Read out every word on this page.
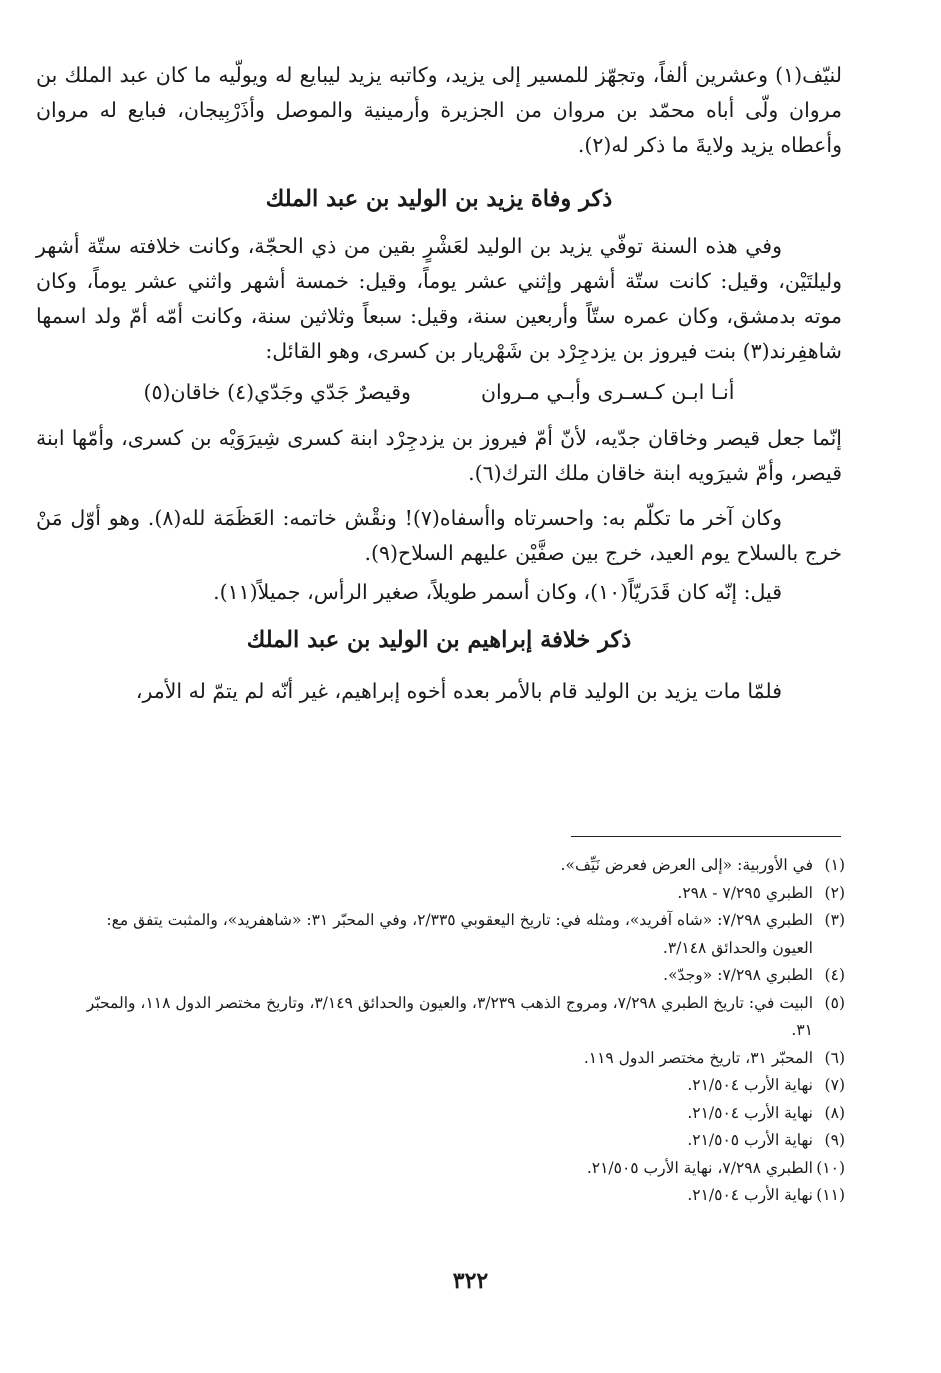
لنيّف(١) وعشرين ألفاً، وتجهّز للمسير إلى يزيد، وكاتبه يزيد ليبايع له ويولّيه ما كان عبد الملك بن مروان ولّى أباه محمّد بن مروان من الجزيرة وأرمينية والموصل وأذَرْبِيجان، فبايع له مروان وأعطاه يزيد ولايةَ ما ذكر له(٢).

ذكر وفاة يزيد بن الوليد بن عبد الملك

وفي هذه السنة توفّي يزيد بن الوليد لعَشْرٍ بقين من ذي الحجّة، وكانت خلافته ستّة أشهر وليلتَيْن، وقيل: كانت ستّة أشهر وإثني عشر يوماً، وقيل: خمسة أشهر واثني عشر يوماً، وكان موته بدمشق، وكان عمره ستّاً وأربعين سنة، وقيل: سبعاً وثلاثين سنة، وكانت أمّه أمّ ولد اسمها شاهفِرند(٣) بنت فيروز بن يزدجِرْد بن شَهْريار بن كسرى، وهو القائل:

أنـا ابـن كـسـرى وأبـي مـروان
وقيصرٌ جَدّي وجَدّي(٤) خاقان(٥)

إنّما جعل قيصر وخاقان جدّيه، لأنّ أمّ فيروز بن يزدجِرْد ابنة كسرى شِيرَوَيْه بن كسرى، وأمّها ابنة قيصر، وأمّ شيرَويه ابنة خاقان ملك الترك(٦).

وكان آخر ما تكلّم به: واحسرتاه واأسفاه(٧)! ونقْش خاتمه: العَظَمَة لله(٨). وهو أوّل مَنْ خرج بالسلاح يوم العيد، خرج بين صفَّيْن عليهم السلاح(٩).

قيل: إنّه كان قَدَريّاً(١٠)، وكان أسمر طويلاً، صغير الرأس، جميلاً(١١).

ذكر خلافة إبراهيم بن الوليد بن عبد الملك

فلمّا مات يزيد بن الوليد قام بالأمر بعده أخوه إبراهيم، غير أنّه لم يتمّ له الأمر،

(١)
في الأوربية: «إلى العرض فعرض نَيِّف».
(٢)
الطبري ٧/٢٩٥ - ٢٩٨.
(٣)
الطبري ٧/٢٩٨: «شاه آفريد»، ومثله في: تاريخ اليعقوبي ٢/٣٣٥، وفي المحبّر ٣١: «شاهفريد»، والمثبت يتفق مع: العيون والحدائق ٣/١٤٨.
(٤)
الطبري ٧/٢٩٨: «وجدّ».
(٥)
البيت في: تاريخ الطبري ٧/٢٩٨، ومروج الذهب ٣/٢٣٩، والعيون والحدائق ٣/١٤٩، وتاريخ مختصر الدول ١١٨، والمحبّر ٣١.
(٦)
المحبّر ٣١، تاريخ مختصر الدول ١١٩.
(٧)
نهاية الأرب ٢١/٥٠٤.
(٨)
نهاية الأرب ٢١/٥٠٤.
(٩)
نهاية الأرب ٢١/٥٠٥.
(١٠)
الطبري ٧/٢٩٨، نهاية الأرب ٢١/٥٠٥.
(١١)
نهاية الأرب ٢١/٥٠٤.
٣٢٢
